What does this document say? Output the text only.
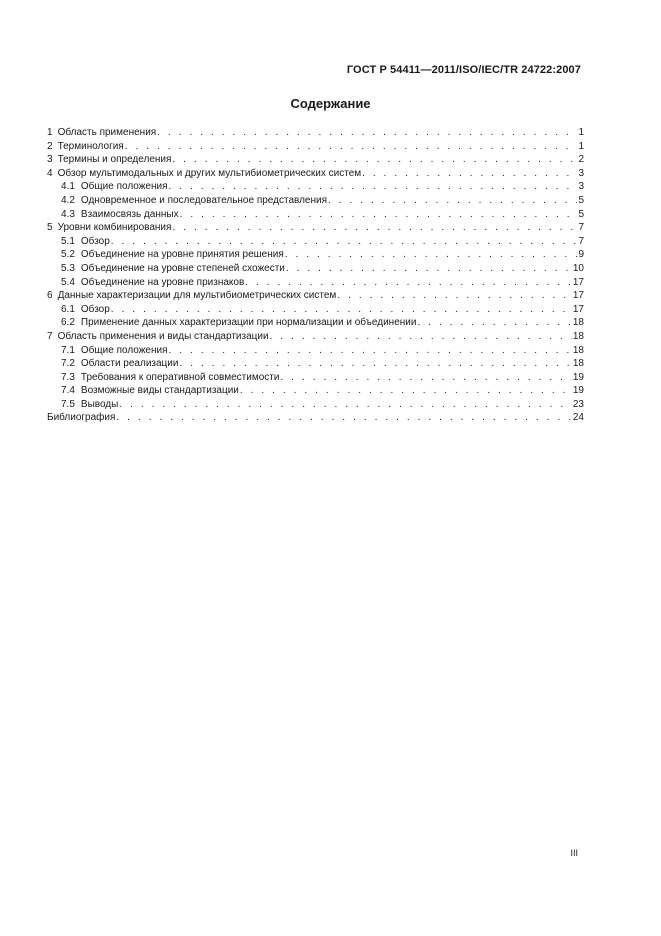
ГОСТ Р 54411—2011/ISO/IEC/TR 24722:2007
Содержание
1 Область применения . . .	1
2 Терминология . . .	1
3 Термины и определения . . .	2
4 Обзор мультимодальных и других мультибиометрических систем . . .	3
4.1 Общие положения . . .	3
4.2 Одновременное и последовательное представления . . .	5
4.3 Взаимосвязь данных . . .	5
5 Уровни комбинирования . . .	7
5.1 Обзор . . .	7
5.2 Объединение на уровне принятия решения . . .	9
5.3 Объединение на уровне степеней схожести . . .	10
5.4 Объединение на уровне признаков . . .	17
6 Данные характеризации для мультибиометрических систем . . .	17
6.1 Обзор . . .	17
6.2 Применение данных характеризации при нормализации и объединении . . .	18
7 Область применения и виды стандартизации . . .	18
7.1 Общие положения . . .	18
7.2 Области реализации . . .	18
7.3 Требования к оперативной совместимости . . .	19
7.4 Возможные виды стандартизации . . .	19
7.5 Выводы . . .	23
Библиография . . .	24
III
